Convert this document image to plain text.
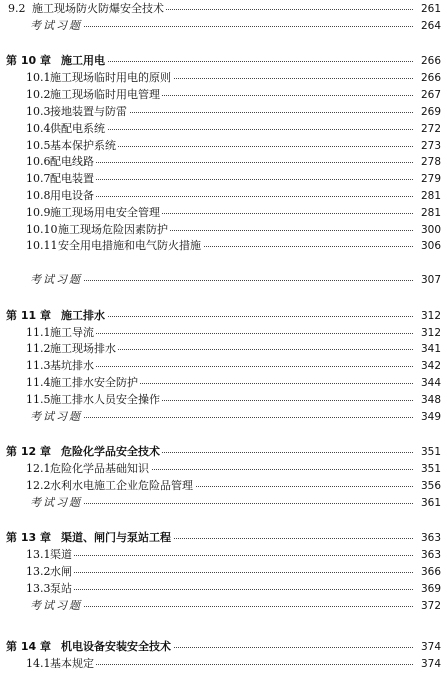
9.2 施工现场防火防爆安全技术	261
考试习题	264
第 10 章 施工用电	266
10.1施工现场临时用电的原则	266
10.2施工现场临时用电管理	267
10.3接地装置与防雷	269
10.4供配电系统	272
10.5基本保护系统	273
10.6配电线路	278
10.7配电装置	279
10.8用电设备	281
10.9施工现场用电安全管理	281
10.10施工现场危险因素防护	300
10.11安全用电措施和电气防火措施	306
考试习题	307
第 11 章 施工排水	312
11.1施工导流	312
11.2施工现场排水	341
11.3基坑排水	342
11.4施工排水安全防护	344
11.5施工排水人员安全操作	348
考试习题	349
第 12 章 危险化学品安全技术	351
12.1危险化学品基础知识	351
12.2水利水电施工企业危险品管理	356
考试习题	361
第 13 章 渠道、闸门与泵站工程	363
13.1渠道	363
13.2水闸	366
13.3泵站	369
考试习题	372
第 14 章 机电设备安装安全技术	374
14.1基本规定	374
